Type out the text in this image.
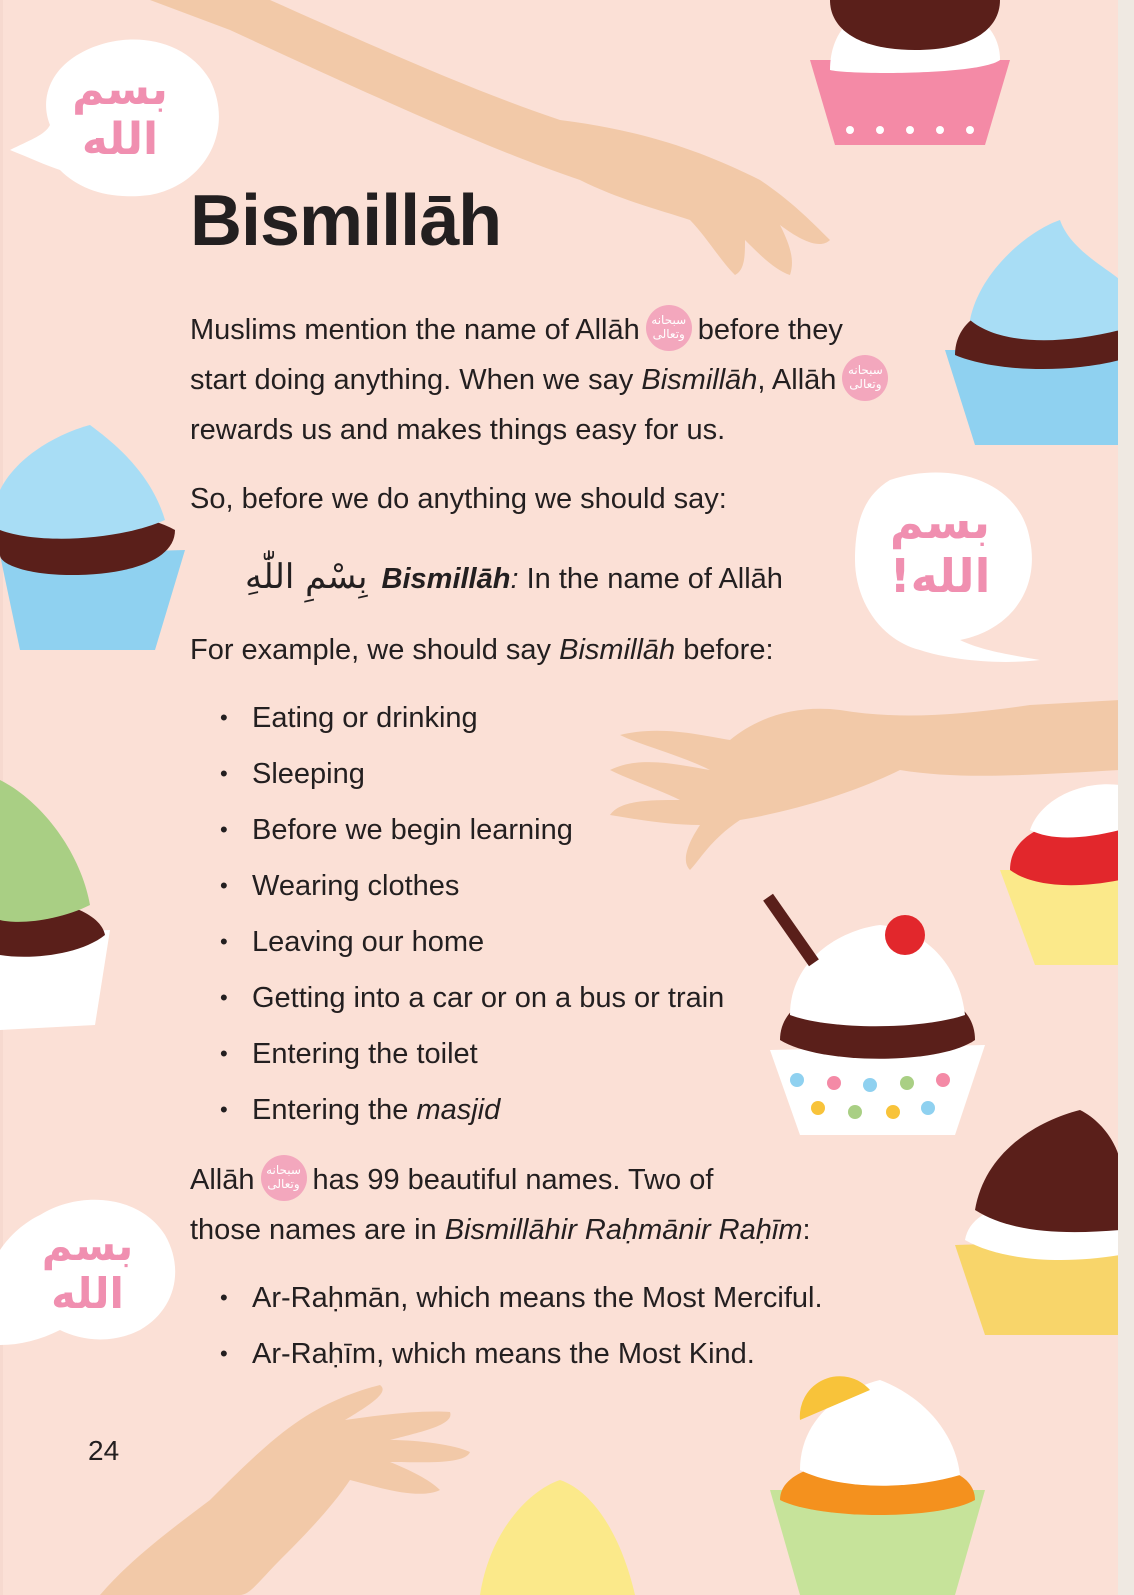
بسم الله
بسم الله!
بسم الله
Bismillāh
Muslims mention the name of Allāh سبحانه وتعالى before they
start doing anything. When we say Bismillāh, Allāh سبحانه وتعالى
rewards us and makes things easy for us.

So, before we do anything we should say:

بِسْمِ اللّٰهِ Bismillāh: In the name of Allāh

For example, we should say Bismillāh before:

• Eating or drinking
• Sleeping
• Before we begin learning
• Wearing clothes
• Leaving our home
• Getting into a car or on a bus or train
• Entering the toilet
• Entering the masjid
Allāh سبحانه وتعالى has 99 beautiful names. Two of
those names are in Bismillāhir Raḥmānir Raḥīm:
• Ar-Raḥmān, which means the Most Merciful.
• Ar-Raḥīm, which means the Most Kind.
24
